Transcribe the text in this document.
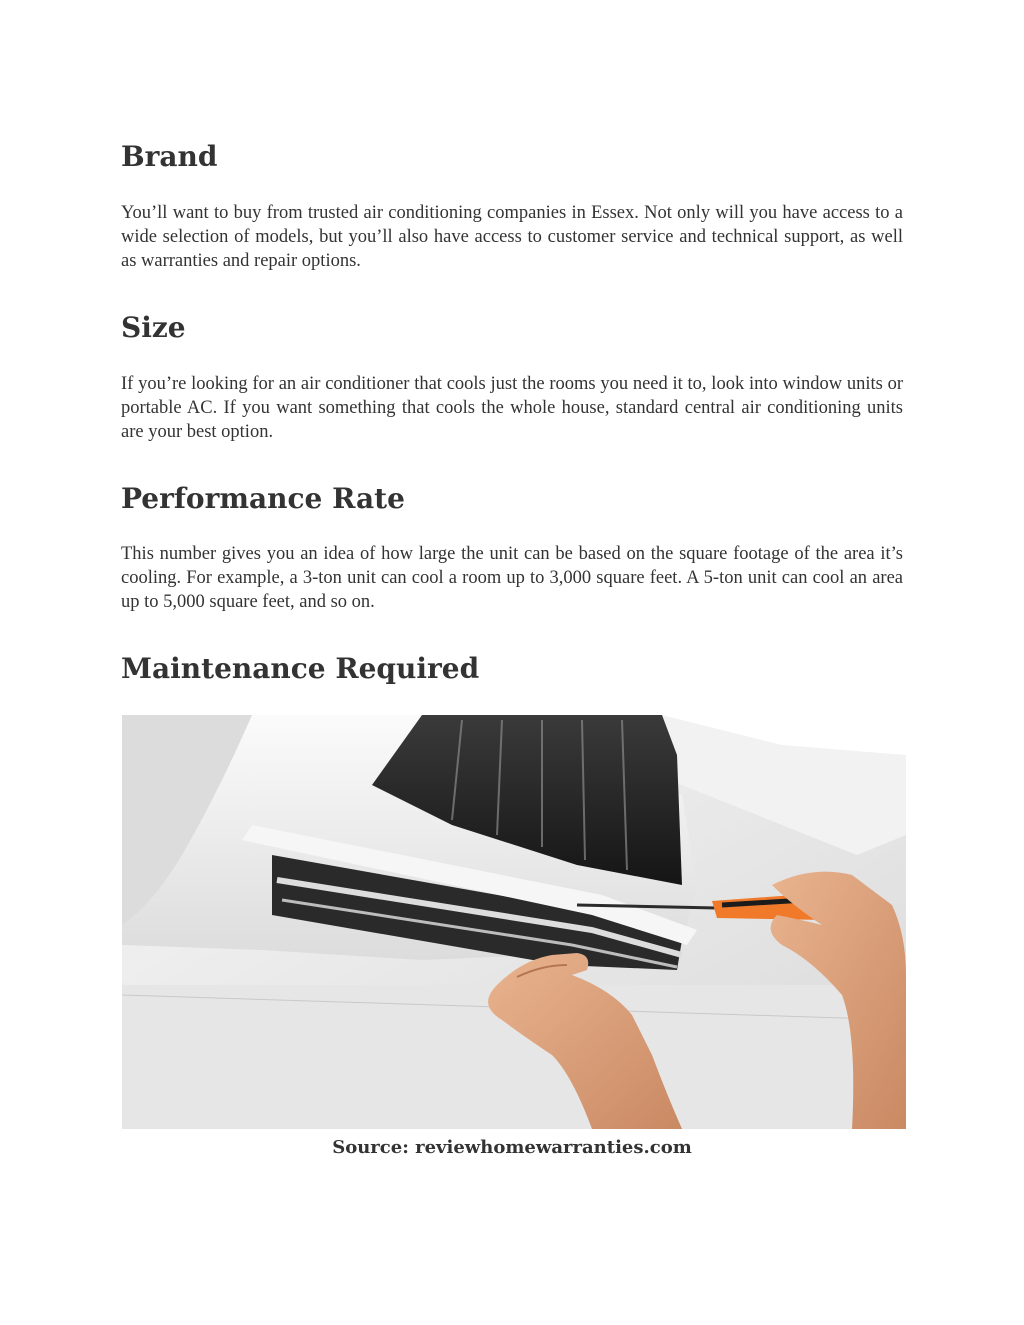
Brand

You’ll want to buy from trusted air conditioning companies in Essex. Not only will you have access to a wide selection of models, but you’ll also have access to customer service and technical support, as well as warranties and repair options.

Size

If you’re looking for an air conditioner that cools just the rooms you need it to, look into window units or portable AC. If you want something that cools the whole house, standard central air conditioning units are your best option.

Performance Rate

This number gives you an idea of how large the unit can be based on the square footage of the area it’s cooling. For example, a 3-ton unit can cool a room up to 3,000 square feet. A 5-ton unit can cool an area up to 5,000 square feet, and so on.

Maintenance Required
Source: reviewhomewarranties.com
